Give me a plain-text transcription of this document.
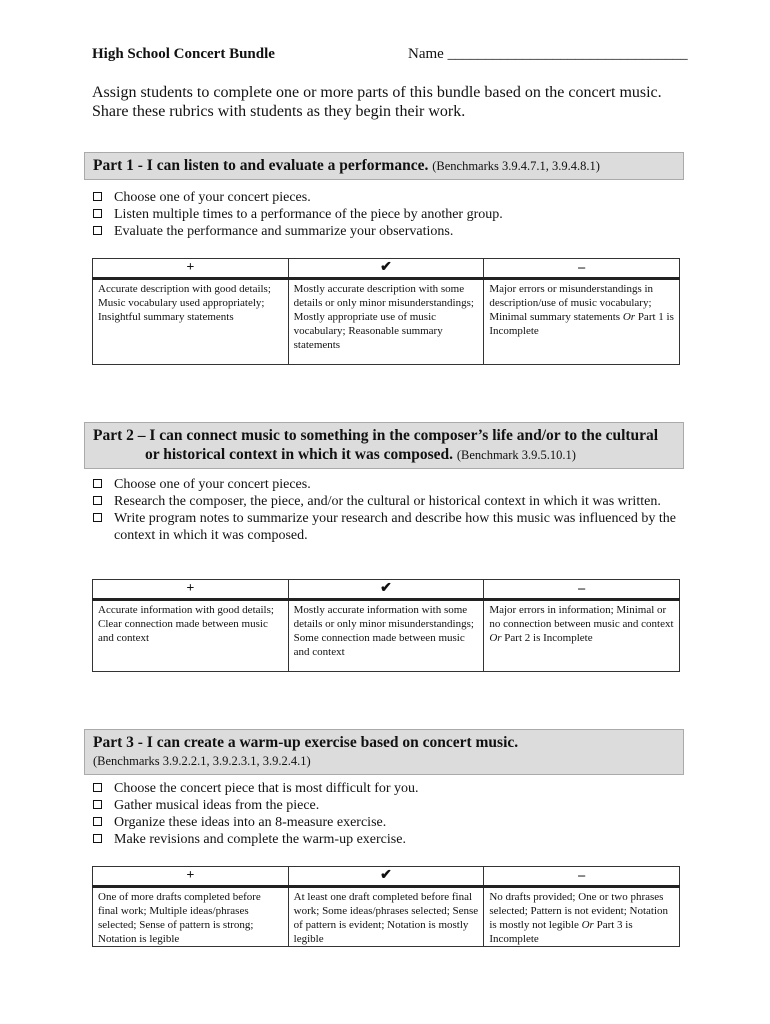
High School Concert Bundle	Name ________________________________
Assign students to complete one or more parts of this bundle based on the concert music. Share these rubrics with students as they begin their work.
Part 1 - I can listen to and evaluate a performance. (Benchmarks 3.9.4.7.1, 3.9.4.8.1)
Choose one of your concert pieces.
Listen multiple times to a performance of the piece by another group.
Evaluate the performance and summarize your observations.
+	✔	–
Accurate description with good details; Music vocabulary used appropriately; Insightful summary statements	Mostly accurate description with some details or only minor misunderstandings; Mostly appropriate use of music vocabulary; Reasonable summary statements	Major errors or misunderstandings in description/use of music vocabulary; Minimal summary statements Or Part 1 is Incomplete
Part 2 – I can connect music to something in the composer’s life and/or to the cultural
or historical context in which it was composed. (Benchmark 3.9.5.10.1)
Choose one of your concert pieces.
Research the composer, the piece, and/or the cultural or historical context in which it was written.
Write program notes to summarize your research and describe how this music was influenced by the context in which it was composed.
+	✔	–
Accurate information with good details; Clear connection made between music and context	Mostly accurate information with some details or only minor misunderstandings; Some connection made between music and context	Major errors in information; Minimal or no connection between music and context Or Part 2 is Incomplete
Part 3 - I can create a warm-up exercise based on concert music.
(Benchmarks 3.9.2.2.1, 3.9.2.3.1, 3.9.2.4.1)
Choose the concert piece that is most difficult for you.
Gather musical ideas from the piece.
Organize these ideas into an 8-measure exercise.
Make revisions and complete the warm-up exercise.
+	✔	–
One of more drafts completed before final work; Multiple ideas/phrases selected; Sense of pattern is strong; Notation is legible	At least one draft completed before final work; Some ideas/phrases selected; Sense of pattern is evident; Notation is mostly legible	No drafts provided; One or two phrases selected; Pattern is not evident; Notation is mostly not legible Or Part 3 is Incomplete
